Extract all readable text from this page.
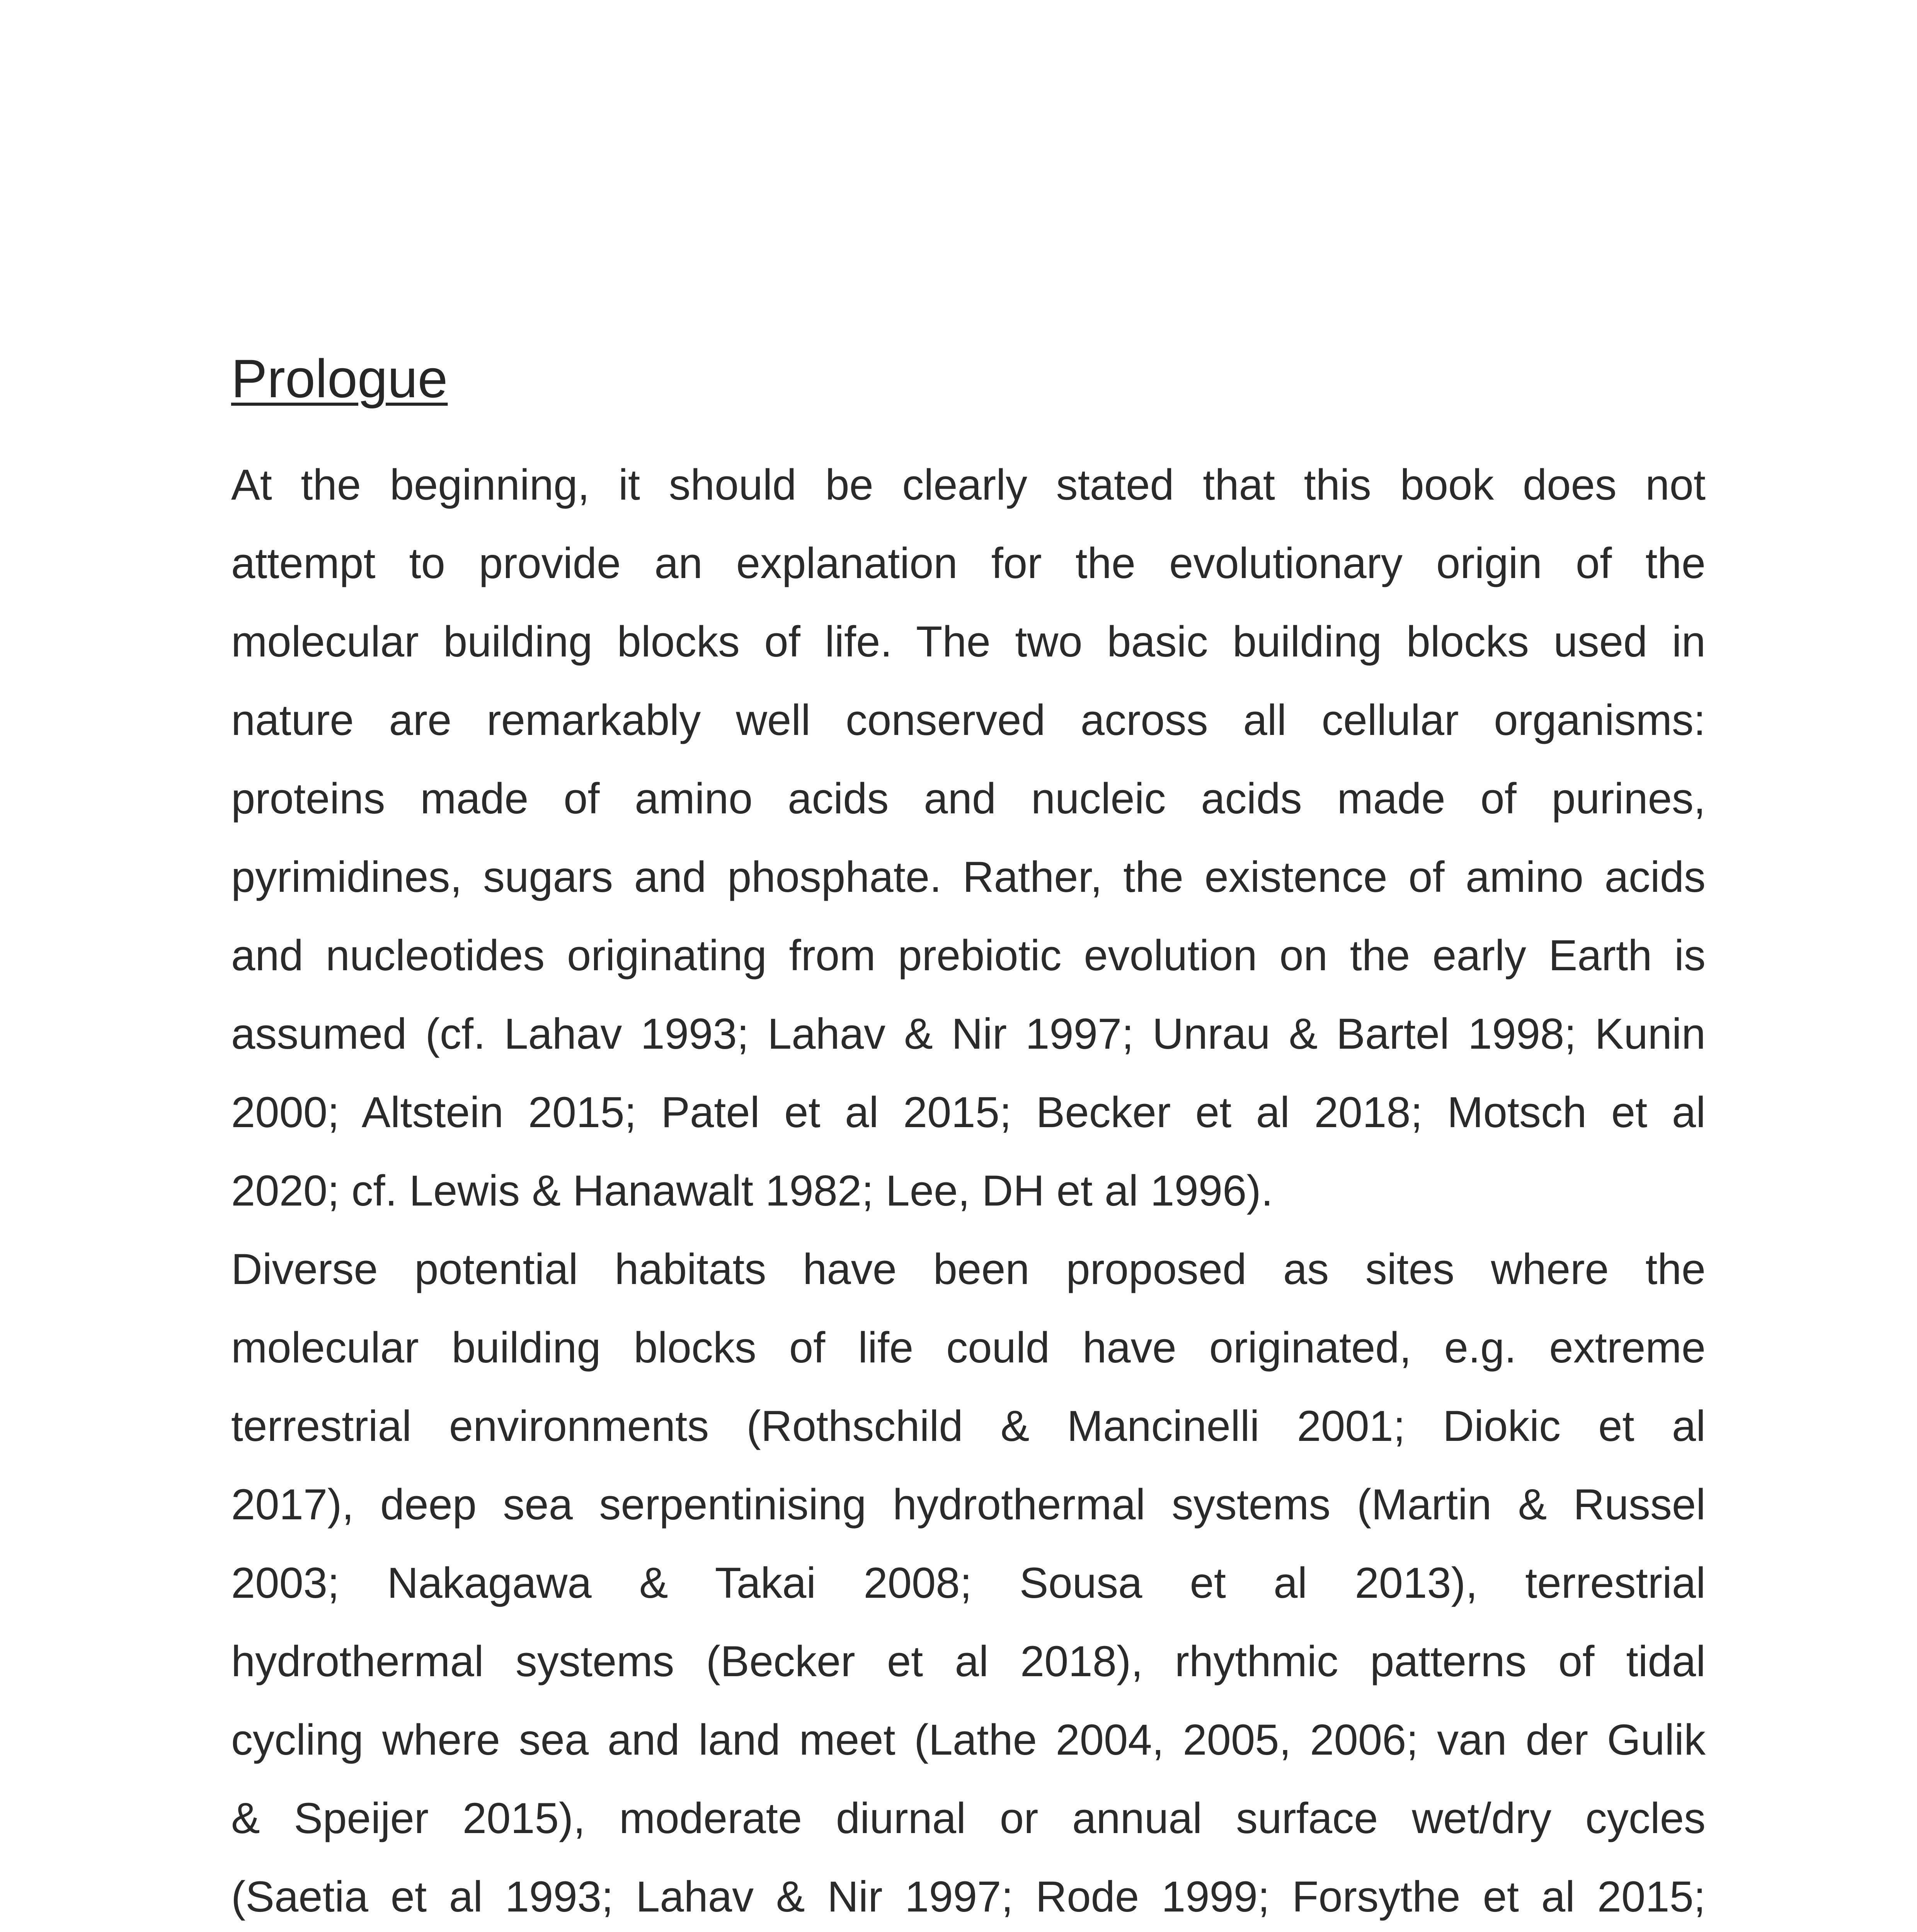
Prologue
At the beginning, it should be clearly stated that this book does not
attempt to provide an explanation for the evolutionary origin of the
molecular building blocks of life. The two basic building blocks used in
nature are remarkably well conserved across all cellular organisms:
proteins made of amino acids and nucleic acids made of purines,
pyrimidines, sugars and phosphate. Rather, the existence of amino acids
and nucleotides originating from prebiotic evolution on the early Earth is
assumed (cf. Lahav 1993; Lahav & Nir 1997; Unrau & Bartel 1998; Kunin
2000; Altstein 2015; Patel et al 2015; Becker et al 2018; Motsch et al
2020; cf. Lewis & Hanawalt 1982; Lee, DH et al 1996).
Diverse potential habitats have been proposed as sites where the
molecular building blocks of life could have originated, e.g. extreme
terrestrial environments (Rothschild & Mancinelli 2001; Diokic et al
2017), deep sea serpentinising hydrothermal systems (Martin & Russel
2003; Nakagawa & Takai 2008; Sousa et al 2013), terrestrial
hydrothermal systems (Becker et al 2018), rhythmic patterns of tidal
cycling where sea and land meet (Lathe 2004, 2005, 2006; van der Gulik
& Speijer 2015), moderate diurnal or annual surface wet/dry cycles
(Saetia et al 1993; Lahav & Nir 1997; Rode 1999; Forsythe et al 2015;
